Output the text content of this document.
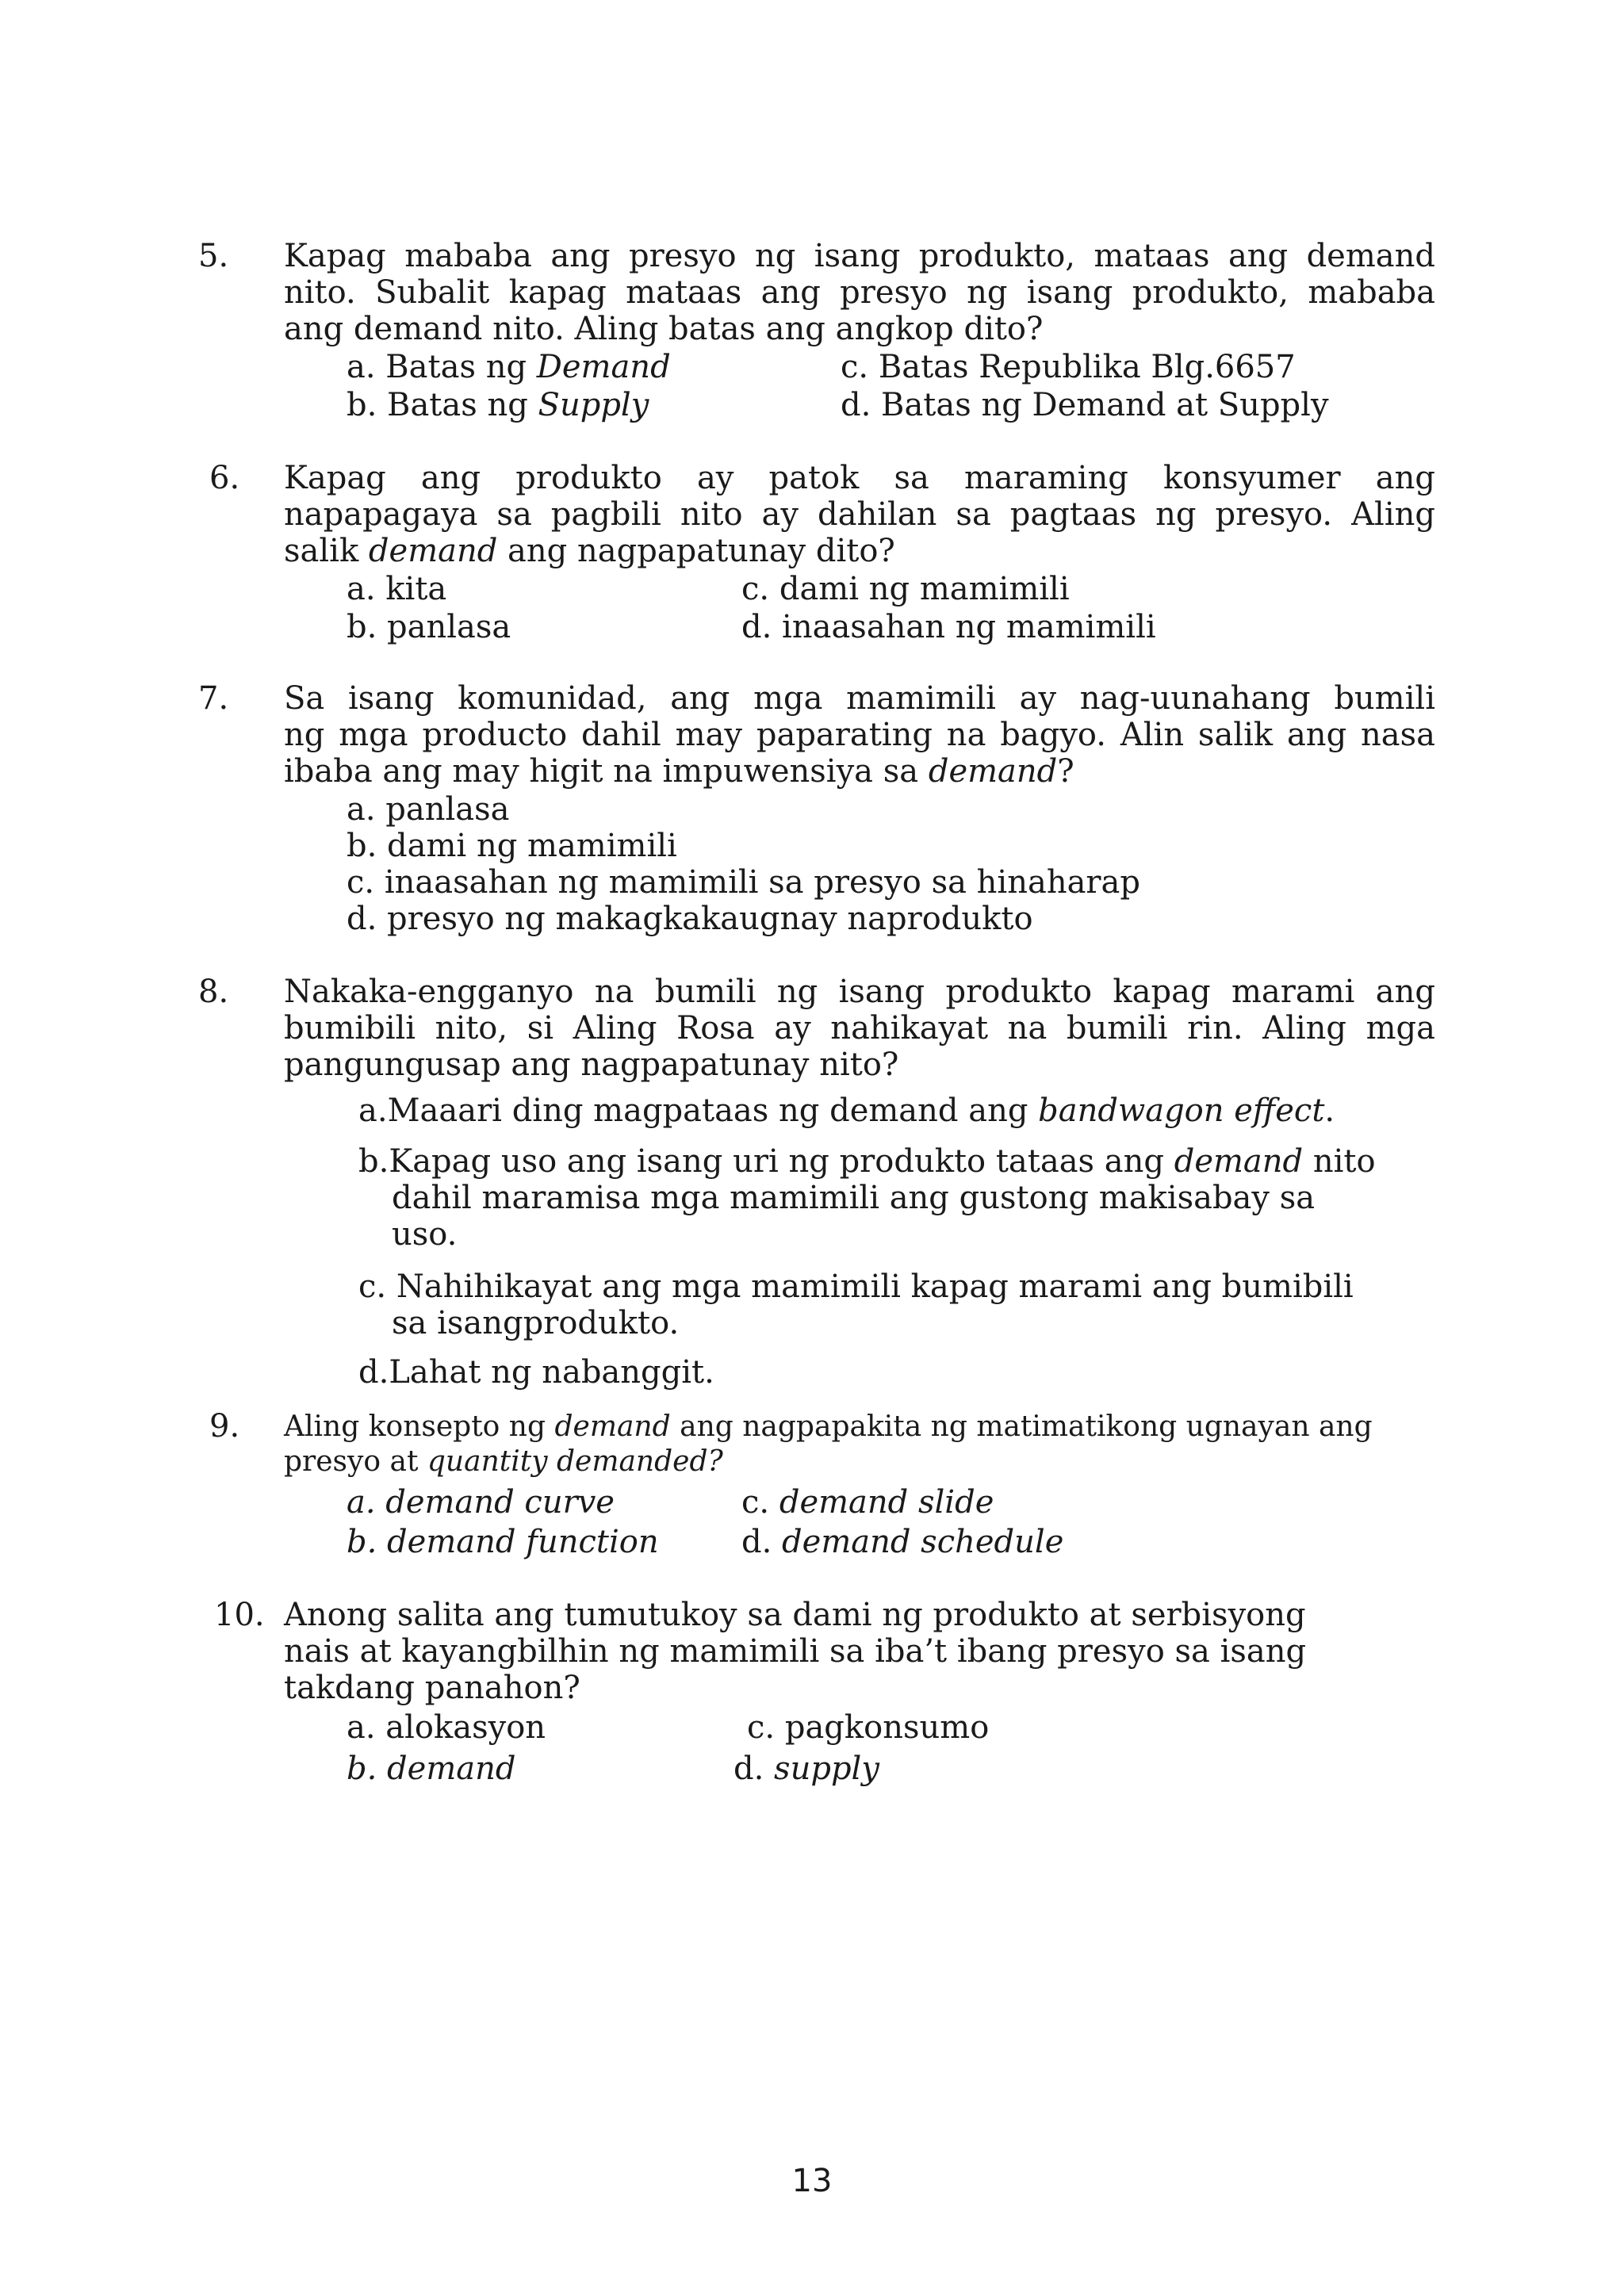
5. Kapag mababa ang presyo ng isang produkto, mataas ang demand
nito. Subalit kapag mataas ang presyo ng isang produkto, mababa
ang demand nito. Aling batas ang angkop dito?
a. Batas ng Demand	c. Batas Republika Blg.6657
b. Batas ng Supply	d. Batas ng Demand at Supply
6. Kapag ang produkto ay patok sa maraming konsyumer ang
napapagaya sa pagbili nito ay dahilan sa pagtaas ng presyo. Aling
salik demand ang nagpapatunay dito?
a. kita	c. dami ng mamimili
b. panlasa	d. inaasahan ng mamimili
7. Sa isang komunidad, ang mga mamimili ay nag-uunahang bumili
ng mga producto dahil may paparating na bagyo. Alin salik ang nasa
ibaba ang may higit na impuwensiya sa demand?
a. panlasa
b. dami ng mamimili
c. inaasahan ng mamimili sa presyo sa hinaharap
d. presyo ng makagkakaugnay naprodukto
8. Nakaka-engganyo na bumili ng isang produkto kapag marami ang
bumibili nito, si Aling Rosa ay nahikayat na bumili rin. Aling mga
pangungusap ang nagpapatunay nito?
a.Maaari ding magpataas ng demand ang bandwagon effect.
b.Kapag uso ang isang uri ng produkto tataas ang demand nito
dahil maramisa mga mamimili ang gustong makisabay sa
uso.
c. Nahihikayat ang mga mamimili kapag marami ang bumibili
sa isangprodukto.
d.Lahat ng nabanggit.
9. Aling konsepto ng demand ang nagpapakita ng matimatikong ugnayan ang
presyo at quantity demanded?
a. demand curve	c. demand slide
b. demand function	d. demand schedule
10. Anong salita ang tumutukoy sa dami ng produkto at serbisyong
nais at kayangbilhin ng mamimili sa iba’t ibang presyo sa isang
takdang panahon?
a. alokasyon	c. pagkonsumo
b. demand	d. supply
13
